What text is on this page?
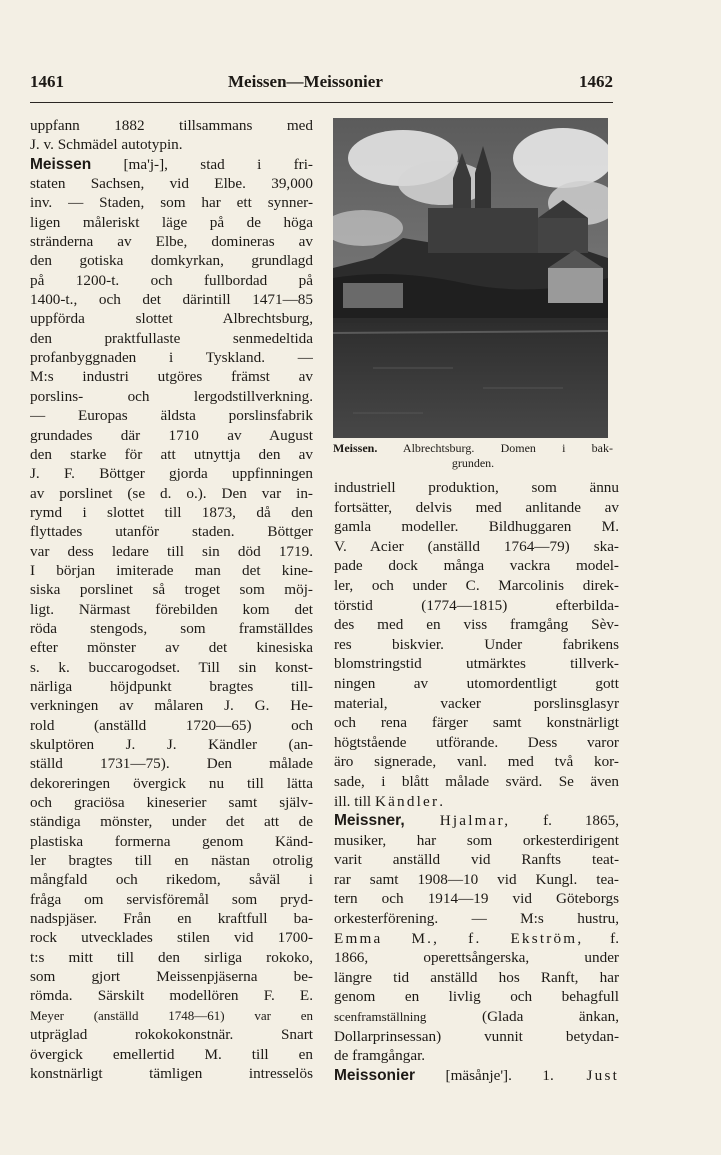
1461	Meissen—Meissonier	1462
uppfann 1882 tillsammans med
J. v. Schmädel autotypin.
Meissen [ma'j-], stad i fri-
staten Sachsen, vid Elbe. 39,000
inv. — Staden, som har ett synner-
ligen måleriskt läge på de höga
stränderna av Elbe, domineras av
den gotiska domkyrkan, grundlagd
på 1200-t. och fullbordad på
1400-t., och det därintill 1471—85
uppförda slottet Albrechtsburg,
den praktfullaste senmedeltida
profanbyggnaden i Tyskland. —
M:s industri utgöres främst av
porslins- och lergodstillverkning.
— Europas äldsta porslinsfabrik
grundades där 1710 av August
den starke för att utnyttja den av
J. F. Böttger gjorda uppfinningen
av porslinet (se d. o.). Den var in-
rymd i slottet till 1873, då den
flyttades utanför staden. Böttger
var dess ledare till sin död 1719.
I början imiterade man det kine-
siska porslinet så troget som möj-
ligt. Närmast förebilden kom det
röda stengods, som framställdes
efter mönster av det kinesiska
s. k. buccarogodset. Till sin konst-
närliga höjdpunkt bragtes till-
verkningen av målaren J. G. He-
rold (anställd 1720—65) och
skulptören J. J. Kändler (an-
ställd 1731—75). Den målade
dekoreringen övergick nu till lätta
och graciösa kineserier samt själv-
ständiga mönster, under det att de
plastiska formerna genom Känd-
ler bragtes till en nästan otrolig
mångfald och rikedom, såväl i
fråga om servisföremål som pryd-
nadspjäser. Från en kraftfull ba-
rock utvecklades stilen vid 1700-
t:s mitt till den sirliga rokoko,
som gjort Meissenpjäserna be-
römda. Särskilt modellören F. E.
Meyer (anställd 1748—61) var en
utpräglad rokokokonstnär. Snart
övergick emellertid M. till en
konstnärligt tämligen intresselös
Meissen. Albrechtsburg. Domen i bak-
grunden.
industriell produktion, som ännu
fortsätter, delvis med anlitande av
gamla modeller. Bildhuggaren M.
V. Acier (anställd 1764—79) ska-
pade dock många vackra model-
ler, och under C. Marcolinis direk-
törstid (1774—1815) efterbilda-
des med en viss framgång Sèv-
res biskvier. Under fabrikens
blomstringstid utmärktes tillverk-
ningen av utomordentligt gott
material, vacker porslinsglasyr
och rena färger samt konstnärligt
högtstående utförande. Dess varor
äro signerade, vanl. med två kor-
sade, i blått målade svärd. Se även
ill. till Kändler.
Meissner, Hjalmar, f. 1865,
musiker, har som orkesterdirigent
varit anställd vid Ranfts teat-
rar samt 1908—10 vid Kungl. tea-
tern och 1914—19 vid Göteborgs
orkesterförening. — M:s hustru,
Emma M., f. Ekström, f.
1866, operettsångerska, under
längre tid anställd hos Ranft, har
genom en livlig och behagfull
scenframställning (Glada änkan,
Dollarprinsessan) vunnit betydan-
de framgångar.
Meissonier [mäsånje']. 1. Just
